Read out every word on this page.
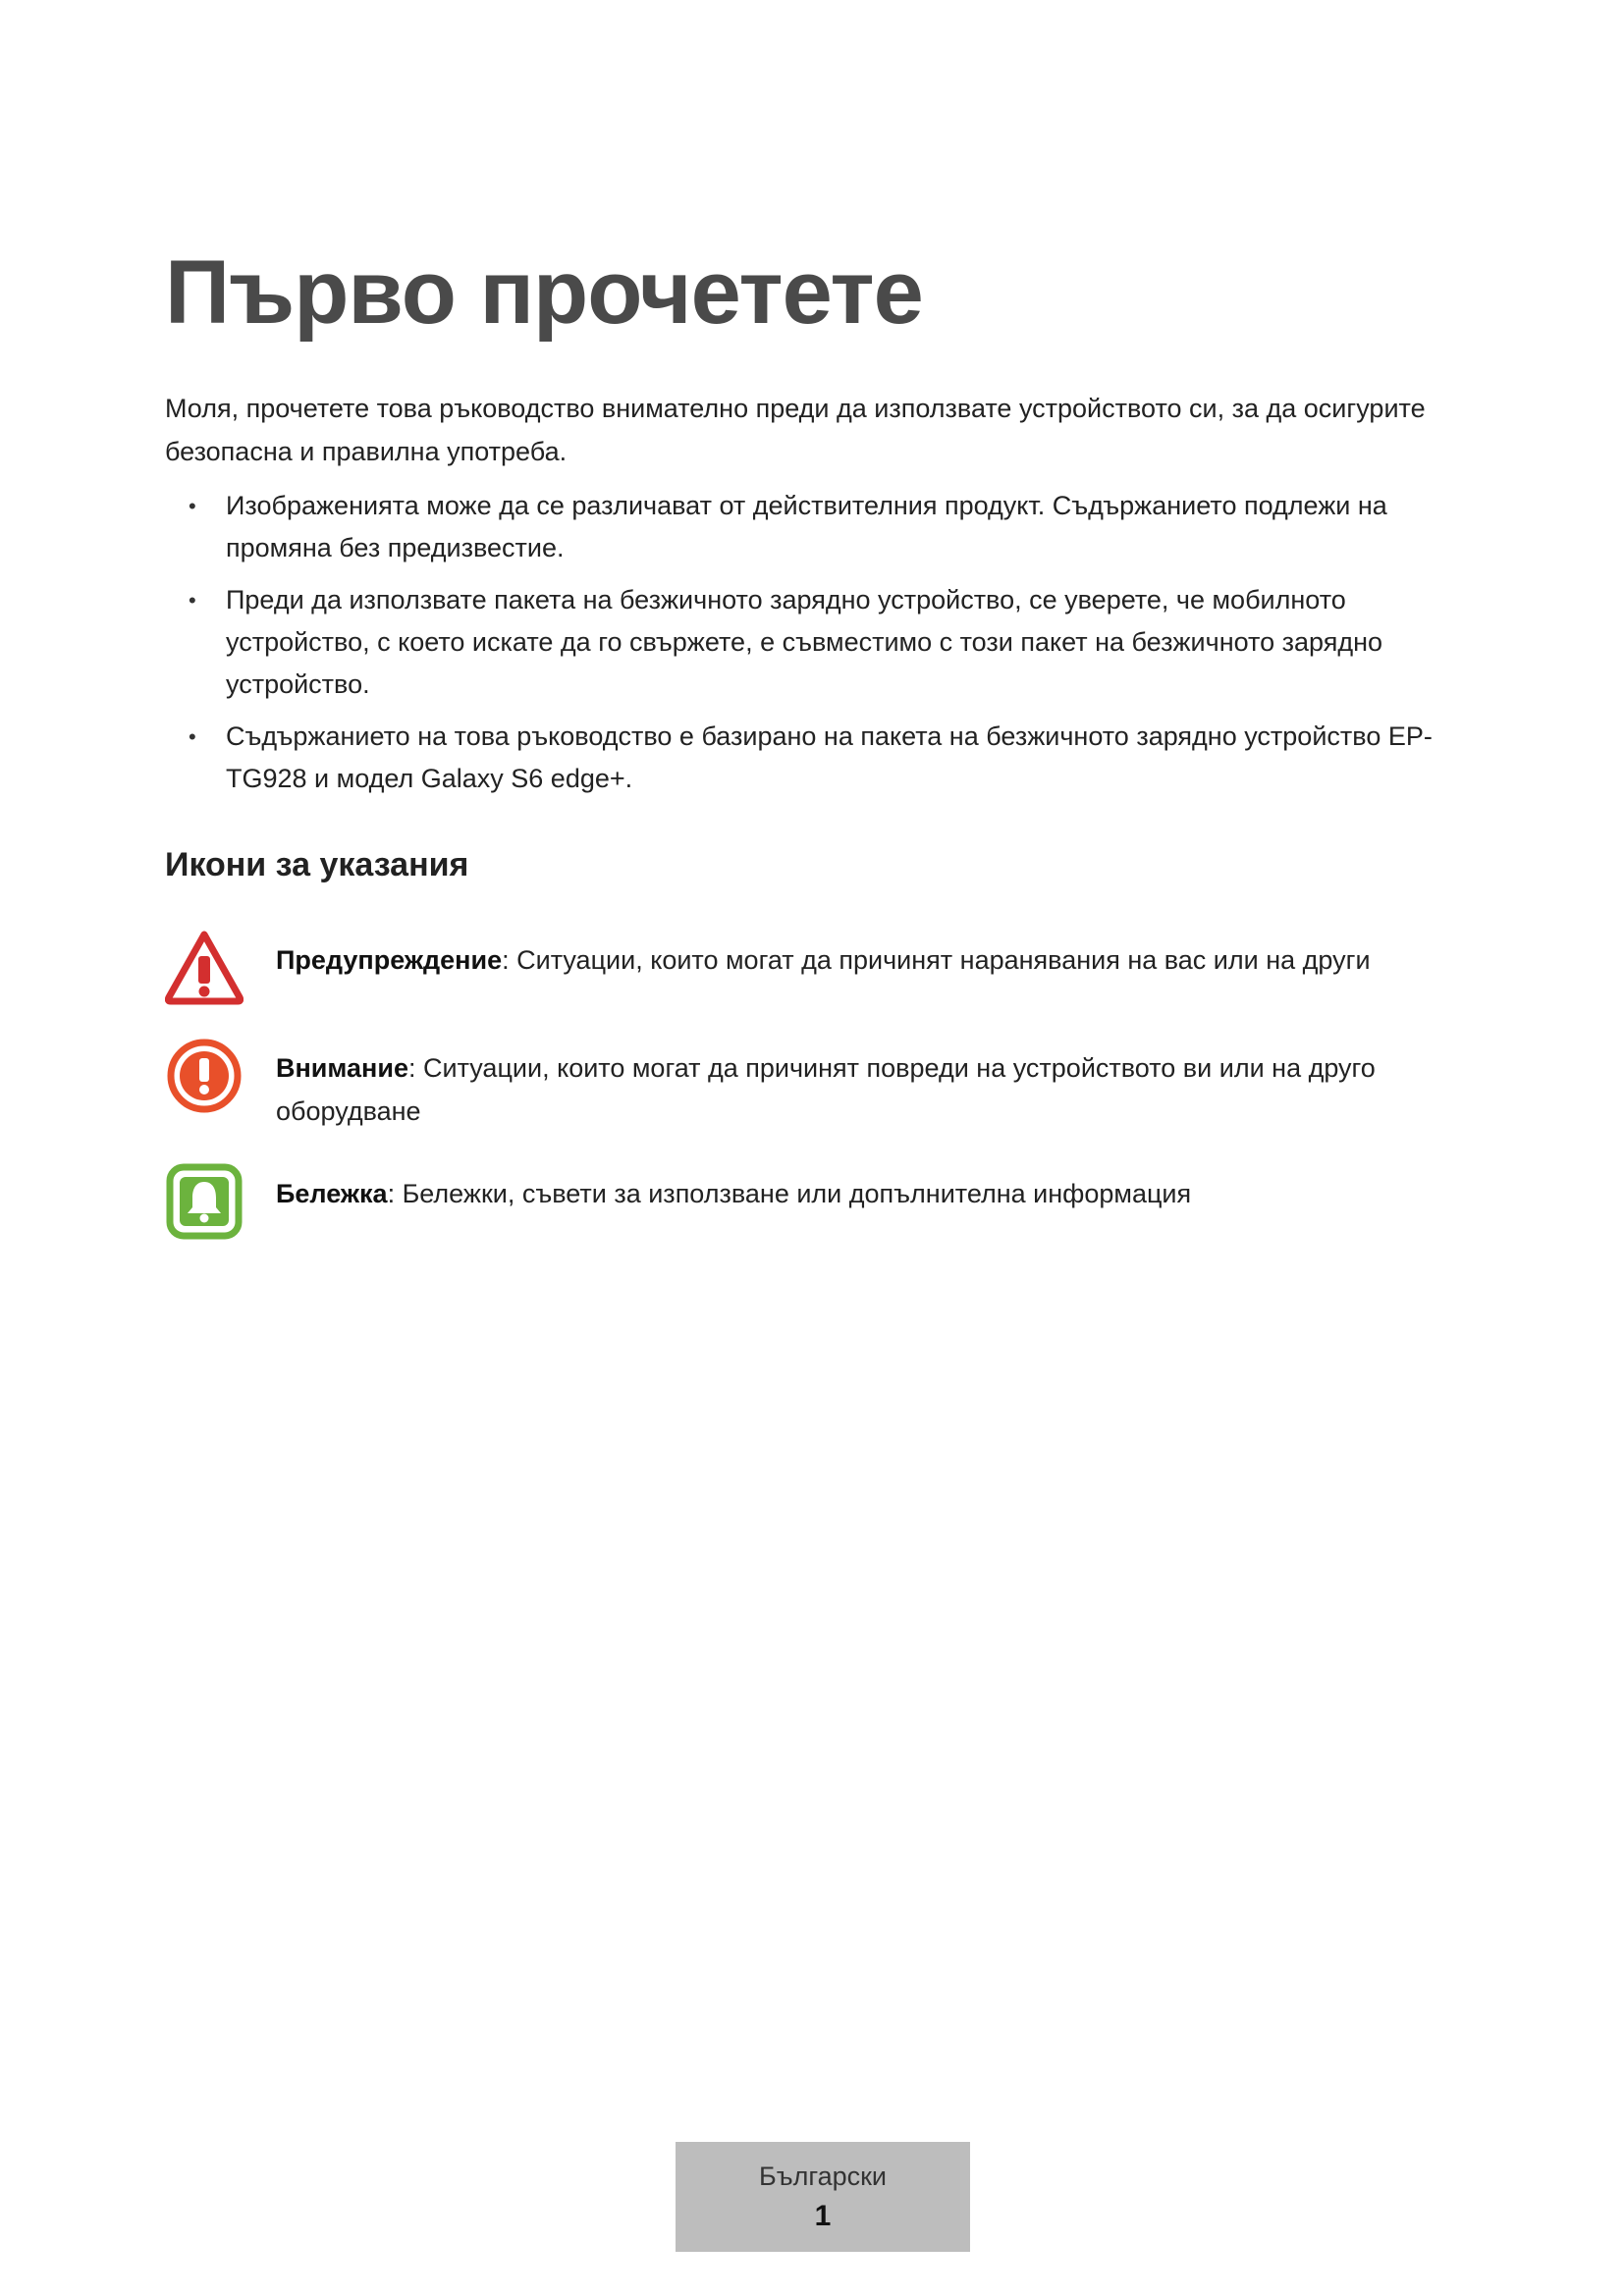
Първо прочетете

Моля, прочетете това ръководство внимателно преди да използвате устройството си, за да осигурите безопасна и правилна употреба.

• Изображенията може да се различават от действителния продукт. Съдържанието подлежи на промяна без предизвестие.
• Преди да използвате пакета на безжичното зарядно устройство, се уверете, че мобилното устройство, с което искате да го свържете, е съвместимо с този пакет на безжичното зарядно устройство.
• Съдържанието на това ръководство е базирано на пакета на безжичното зарядно устройство EP-TG928 и модел Galaxy S6 edge+.
Икони за указания
Предупреждение: Ситуации, които могат да причинят наранявания на вас или на други
Внимание: Ситуации, които могат да причинят повреди на устройството ви или на друго оборудване
Бележка: Бележки, съвети за използване или допълнителна информация
Български
1
